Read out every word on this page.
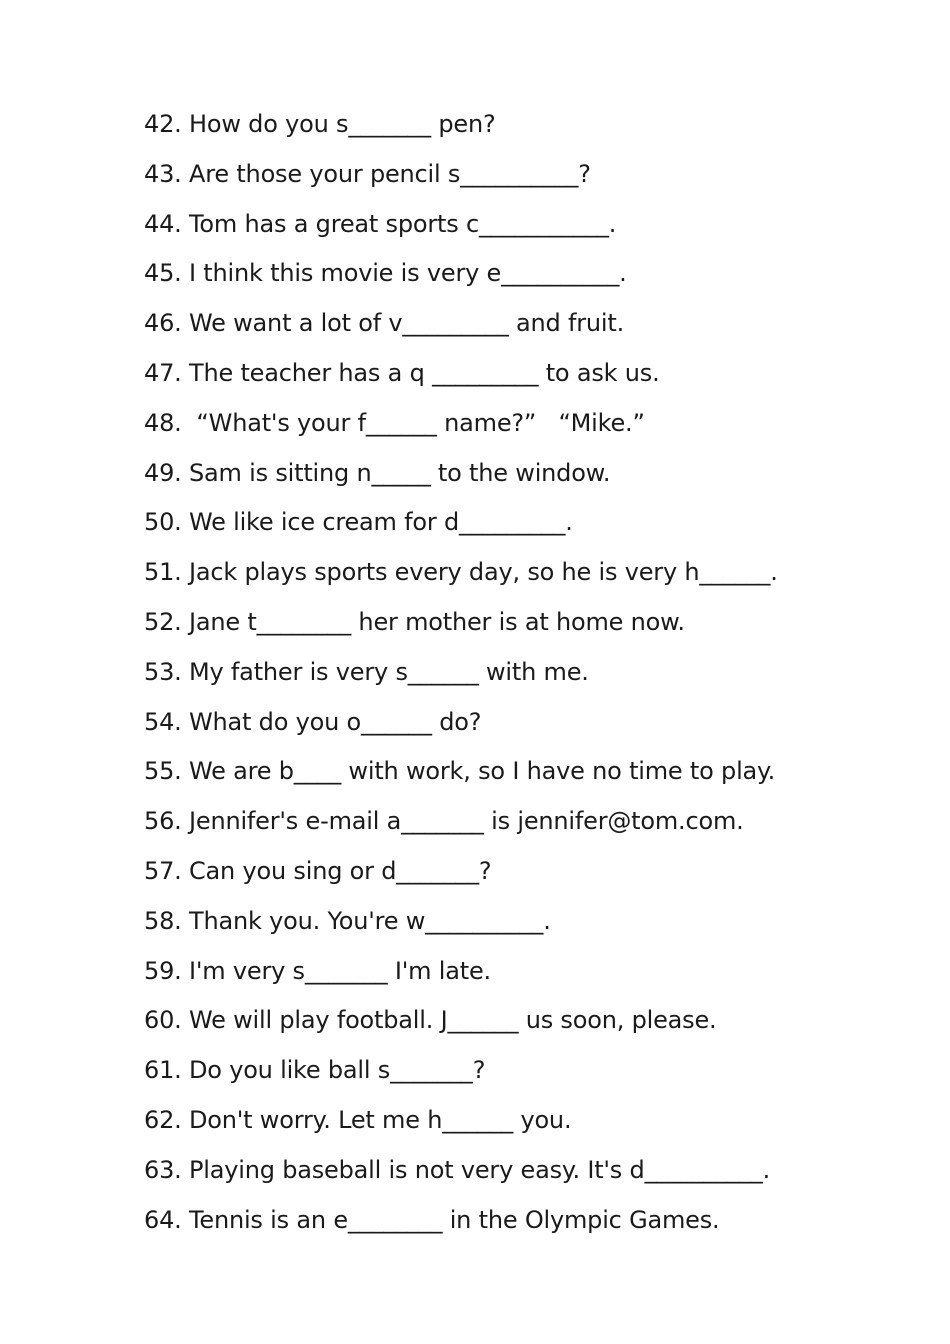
42. How do you s_______ pen?
43. Are those your pencil s__________?
44. Tom has a great sports c___________.
45. I think this movie is very e__________.
46. We want a lot of v_________ and fruit.
47. The teacher has a q _________ to ask us.
48.  “What's your f______ name?”   “Mike.”
49. Sam is sitting n_____ to the window.
50. We like ice cream for d_________.
51. Jack plays sports every day, so he is very h______.
52. Jane t________ her mother is at home now.
53. My father is very s______ with me.
54. What do you o______ do?
55. We are b____ with work, so I have no time to play.
56. Jennifer's e-mail a_______ is jennifer@tom.com.
57. Can you sing or d_______?
58. Thank you. You're w__________.
59. I'm very s_______ I'm late.
60. We will play football. J______ us soon, please.
61. Do you like ball s_______?
62. Don't worry. Let me h______ you.
63. Playing baseball is not very easy. It's d__________.
64. Tennis is an e________ in the Olympic Games.
